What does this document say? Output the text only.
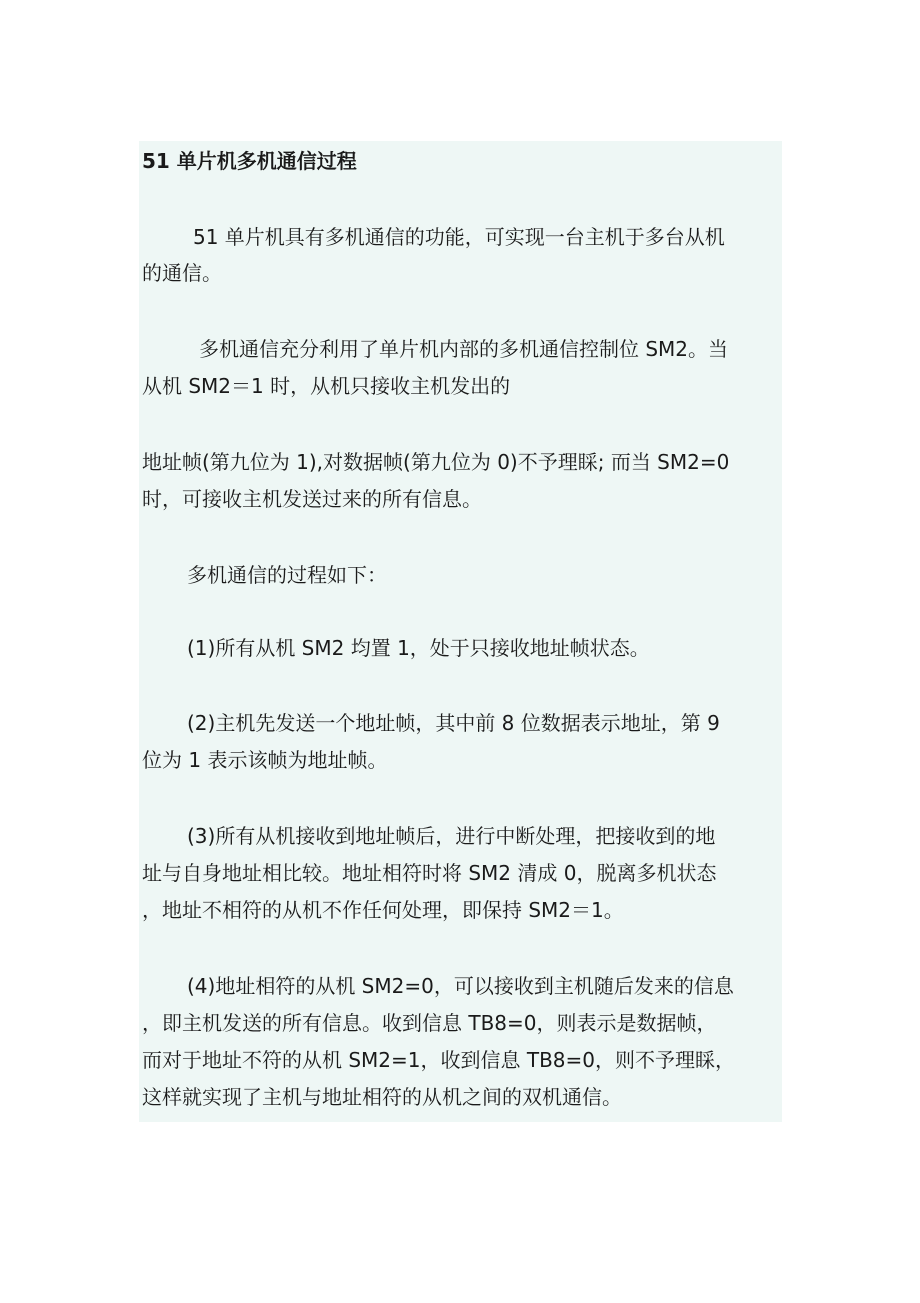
51 单片机多机通信过程
51 单片机具有多机通信的功能，可实现一台主机于多台从机
的通信。
多机通信充分利用了单片机内部的多机通信控制位 SM2。当
从机 SM2＝1 时，从机只接收主机发出的
地址帧(第九位为 1),对数据帧(第九位为 0)不予理睬; 而当 SM2=0
时，可接收主机发送过来的所有信息。
多机通信的过程如下：
(1)所有从机 SM2 均置 1，处于只接收地址帧状态。
(2)主机先发送一个地址帧，其中前 8 位数据表示地址，第 9
位为 1 表示该帧为地址帧。
(3)所有从机接收到地址帧后，进行中断处理，把接收到的地
址与自身地址相比较。地址相符时将 SM2 清成 0，脱离多机状态
，地址不相符的从机不作任何处理，即保持 SM2＝1。
(4)地址相符的从机 SM2=0，可以接收到主机随后发来的信息
，即主机发送的所有信息。收到信息 TB8=0，则表示是数据帧，
而对于地址不符的从机 SM2=1，收到信息 TB8=0，则不予理睬，
这样就实现了主机与地址相符的从机之间的双机通信。
